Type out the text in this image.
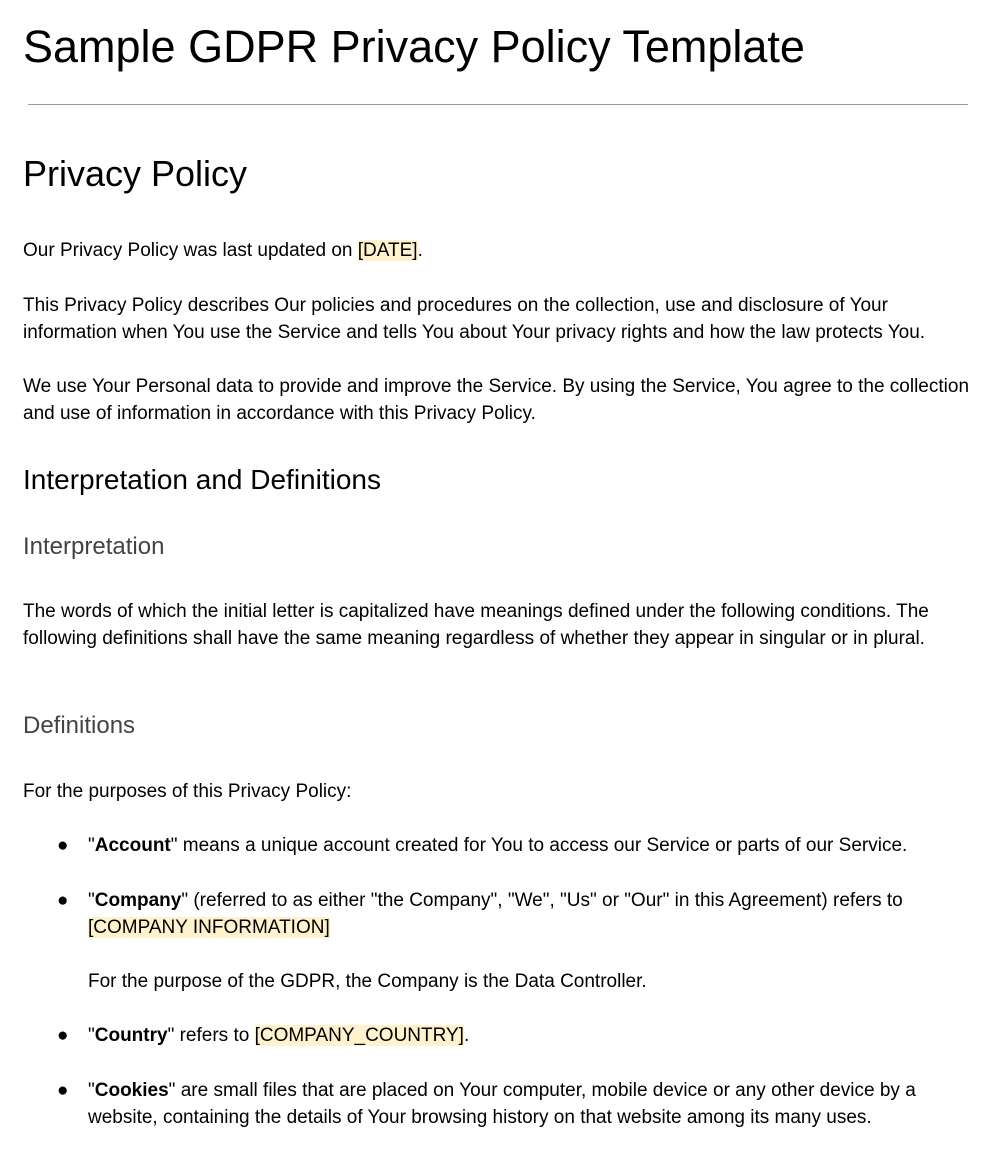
Sample GDPR Privacy Policy Template
Privacy Policy

Our Privacy Policy was last updated on [DATE].

This Privacy Policy describes Our policies and procedures on the collection, use and disclosure of Your information when You use the Service and tells You about Your privacy rights and how the law protects You.

We use Your Personal data to provide and improve the Service. By using the Service, You agree to the collection and use of information in accordance with this Privacy Policy.

Interpretation and Definitions
Interpretation

The words of which the initial letter is capitalized have meanings defined under the following conditions. The following definitions shall have the same meaning regardless of whether they appear in singular or in plural.

Definitions

For the purposes of this Privacy Policy:

● "Account" means a unique account created for You to access our Service or parts of our Service.
● "Company" (referred to as either "the Company", "We", "Us" or "Our" in this Agreement) refers to [COMPANY INFORMATION]
● "Country" refers to [COMPANY_COUNTRY].
● "Cookies" are small files that are placed on Your computer, mobile device or any other device by a website, containing the details of Your browsing history on that website among its many uses.

For the purpose of the GDPR, the Company is the Data Controller.
